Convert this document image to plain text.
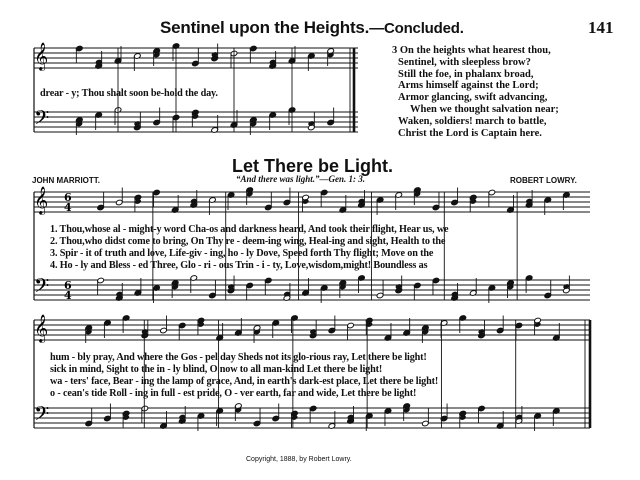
𝄞
𝄢
𝄞
𝄢
𝄞
𝄢
6
4
6
4
Sentinel upon the Heights.—Concluded.	141
drear - y; Thou shalt soon be-hold the day.
3 On the heights what hearest thou,
Sentinel, with sleepless brow?
Still the foe, in phalanx broad,
Arms himself against the Lord;
Armor glancing, swift advancing,
When we thought salvation near;
Waken, soldiers! march to battle,
Christ the Lord is Captain here.
Let There be Light.
JOHN MARRIOTT.	“And there was light.”—Gen. 1: 3.	ROBERT LOWRY.
1. Thou,whose al - might-y word Cha-os and darkness heard, And took their flight, Hear us, we
2. Thou,who didst come to bring, On Thy re - deem-ing wing, Heal-ing and sight, Health to the
3. Spir - it of truth and love, Life-giv - ing, ho - ly Dove, Speed forth Thy flight; Move on the
4. Ho - ly and Bless - ed Three, Glo - ri - ous Trin - i - ty, Love,wisdom,might! Boundless as
hum - bly pray, And where the Gos - pel day Sheds not its glo-rious ray, Let there be light!
sick in mind, Sight to the in - ly blind, O now to all man-kind Let there be light!
wa - ters' face, Bear - ing the lamp of grace, And, in earth's dark-est place, Let there be light!
o - cean's tide Roll - ing in full - est pride, O - ver earth, far and wide, Let there be light!
Copyright, 1888, by Robert Lowry.
